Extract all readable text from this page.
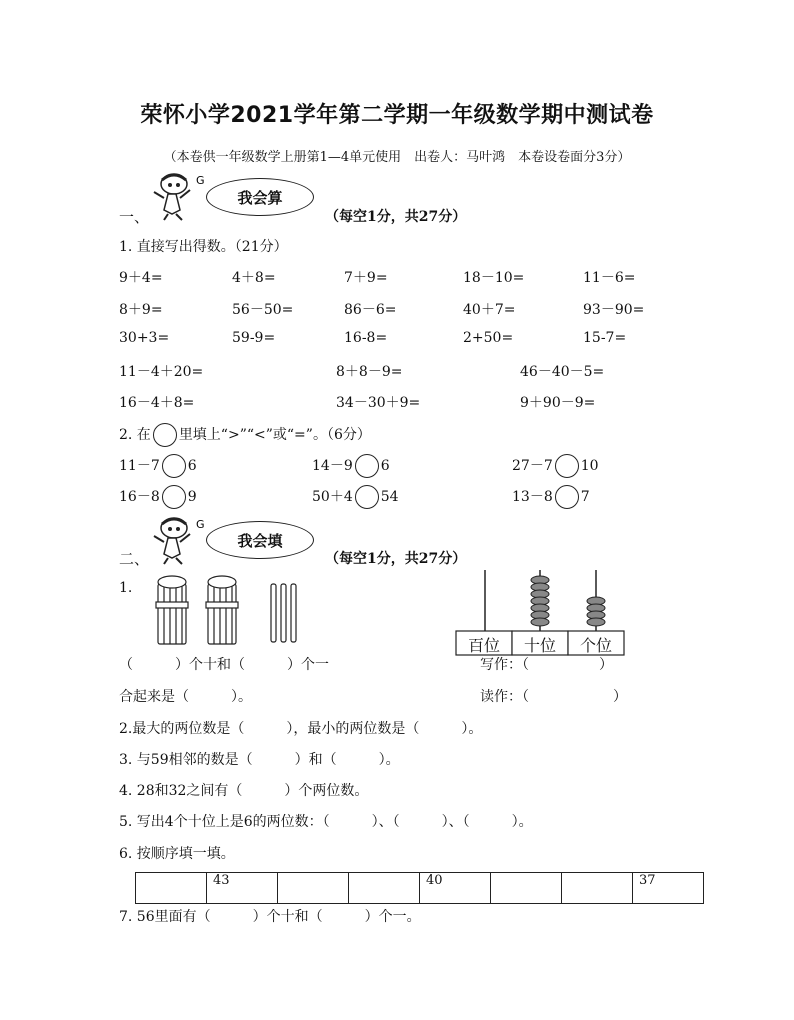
荣怀小学2021学年第二学期一年级数学期中测试卷
（本卷供一年级数学上册第1—4单元使用　出卷人：马叶鸿　本卷设卷面分3分）
G
我会算
一、	（每空1分，共27分）
1. 直接写出得数。（21分）
9＋4=	4＋8=	7＋9=	18－10=	11－6=
8＋9=	56－50=	86－6=	40＋7=	93－90=
30+3=	59-9=	16-8=	2+50=	15-7=
11－4＋20=	8＋8－9=	46－40－5=
16－4＋8=	34－30＋9=	9＋90－9=
2. 在 里填上“>”“<”或“=”。（6分）
11－7 6	14－9 6	27－7 10
16－8 9	50＋4 54	13－8 7
G
我会填
二、	（每空1分，共27分）
1.
（　　　）个十和（　　　）个一
合起来是（　　　）。
百位	十位	个位
写作：（　　　　　）
读作：（　　　　　　）
2.最大的两位数是（　　　），最小的两位数是（　　　）。
3. 与59相邻的数是（　　　）和（　　　）。
4. 28和32之间有（　　　）个两位数。
5. 写出4个十位上是6的两位数：（　　　）、（　　　）、（　　　）。
6. 按顺序填一填。
	43			40			37
7. 56里面有（　　　）个十和（　　　）个一。
